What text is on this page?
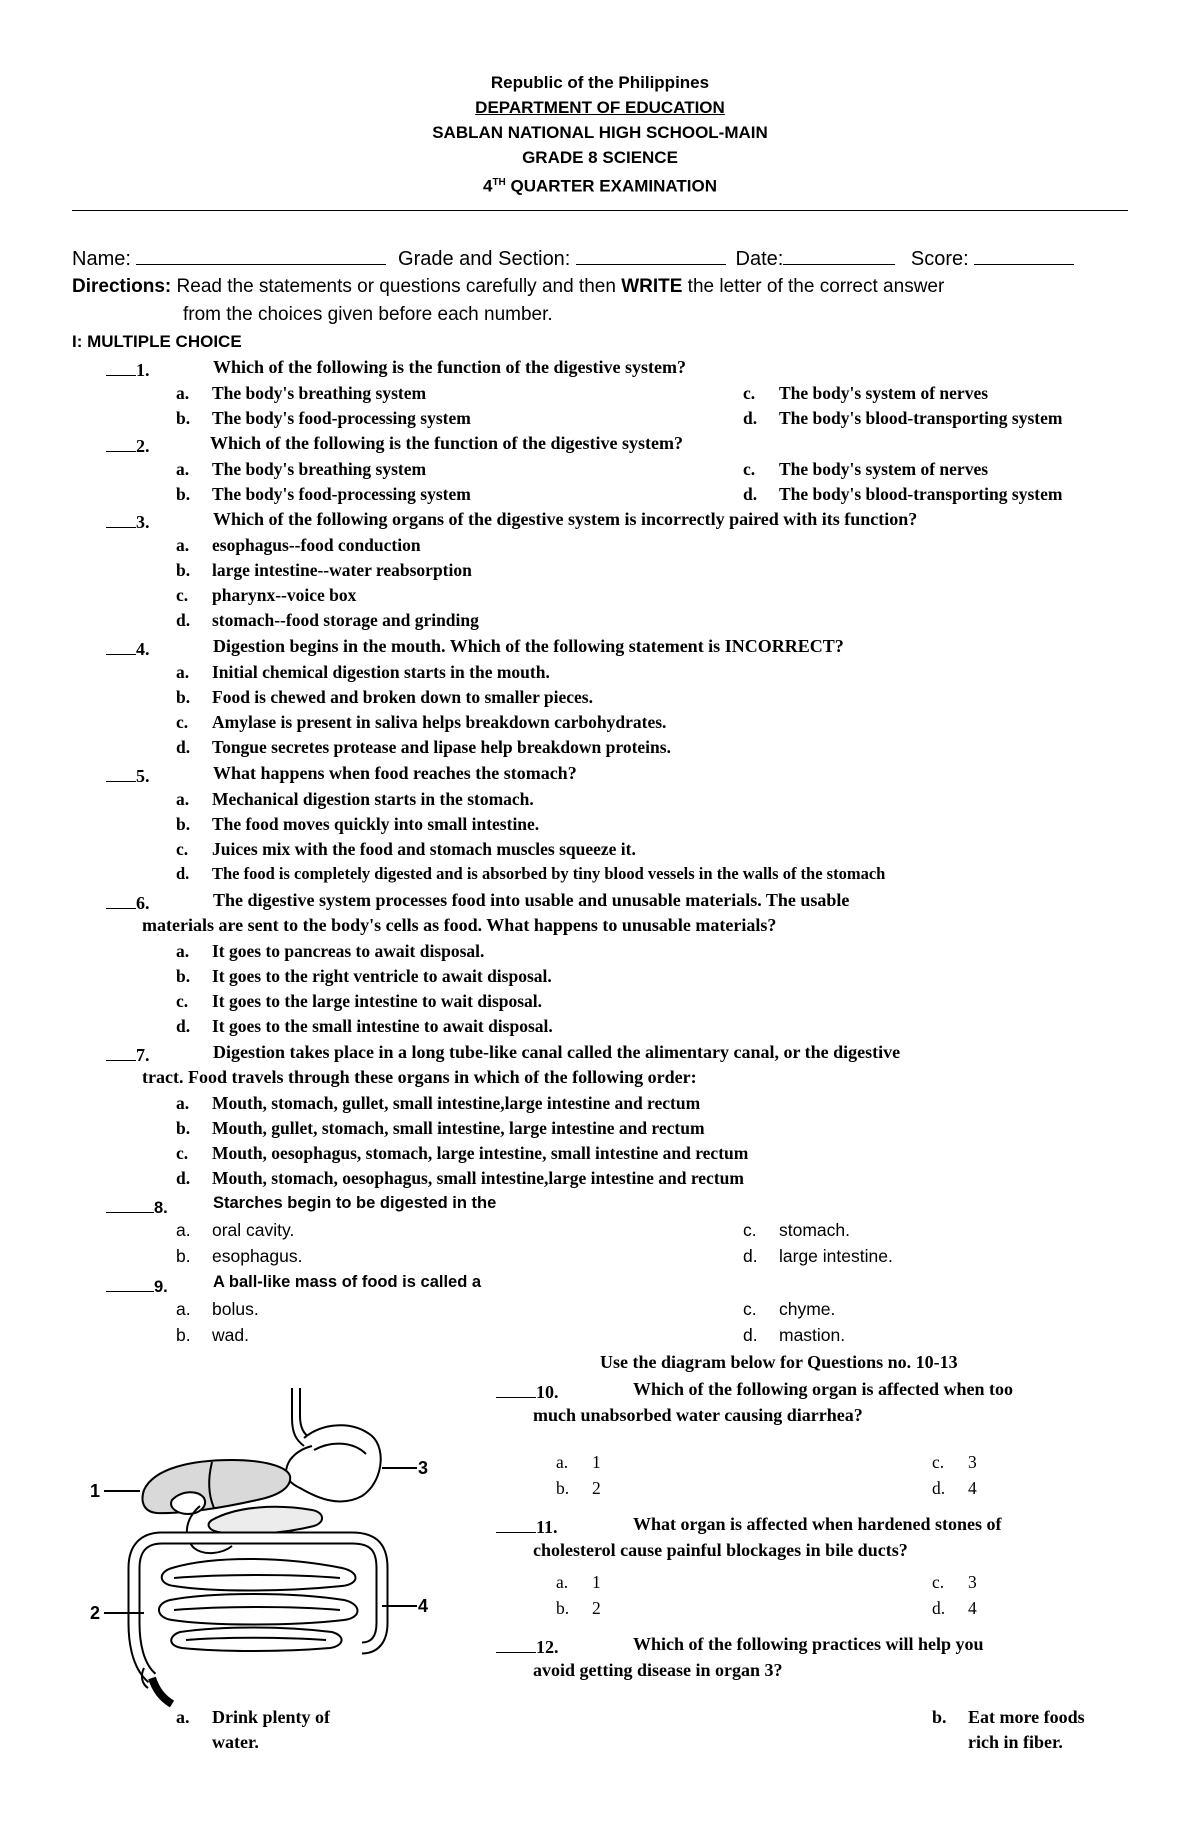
Republic of the Philippines
DEPARTMENT OF EDUCATION
SABLAN NATIONAL HIGH SCHOOL-MAIN
GRADE 8 SCIENCE
4TH QUARTER EXAMINATION
Name:	Grade and Section:	Date:	Score:
Directions: Read the statements or questions carefully and then WRITE the letter of the correct answer
from the choices given before each number.
I: MULTIPLE CHOICE
1.	Which of the following is the function of the digestive system?
a. The body's breathing system
b. The body's food-processing system
c. The body's system of nerves
d. The body's blood-transporting system
2.	Which of the following is the function of the digestive system?
a. The body's breathing system
b. The body's food-processing system
c. The body's system of nerves
d. The body's blood-transporting system
3.	Which of the following organs of the digestive system is incorrectly paired with its function?
a. esophagus--food conduction
b. large intestine--water reabsorption
c. pharynx--voice box
d. stomach--food storage and grinding
4.	Digestion begins in the mouth. Which of the following statement is INCORRECT?
a. Initial chemical digestion starts in the mouth.
b. Food is chewed and broken down to smaller pieces.
c. Amylase is present in saliva helps breakdown carbohydrates.
d. Tongue secretes protease and lipase help breakdown proteins.
5.	What happens when food reaches the stomach?
a. Mechanical digestion starts in the stomach.
b. The food moves quickly into small intestine.
c. Juices mix with the food and stomach muscles squeeze it.
d. The food is completely digested and is absorbed by tiny blood vessels in the walls of the stomach
6.	The digestive system processes food into usable and unusable materials. The usable
materials are sent to the body's cells as food. What happens to unusable materials?
a. It goes to pancreas to await disposal.
b. It goes to the right ventricle to await disposal.
c. It goes to the large intestine to wait disposal.
d. It goes to the small intestine to await disposal.
7.	Digestion takes place in a long tube-like canal called the alimentary canal, or the digestive
tract. Food travels through these organs in which of the following order:
a. Mouth, stomach, gullet, small intestine,large intestine and rectum
b. Mouth, gullet, stomach, small intestine, large intestine and rectum
c. Mouth, oesophagus, stomach, large intestine, small intestine and rectum
d. Mouth, stomach, oesophagus, small intestine,large intestine and rectum
8.	Starches begin to be digested in the
a. oral cavity.
b. esophagus.
c. stomach.
d. large intestine.
9.	A ball-like mass of food is called a
a. bolus.
b. wad.
c. chyme.
d. mastion.
1
2
3
4
Use the diagram below for Questions no. 10-13
10.	Which of the following organ is affected when too
much unabsorbed water causing diarrhea?
a. 1
b. 2
c. 3
d. 4
11.	What organ is affected when hardened stones of
cholesterol cause painful blockages in bile ducts?
a. 1
b. 2
c. 3
d. 4
12.	Which of the following practices will help you
avoid getting disease in organ 3?
a. Drink plenty of
water.
b. Eat more foods
rich in fiber.
